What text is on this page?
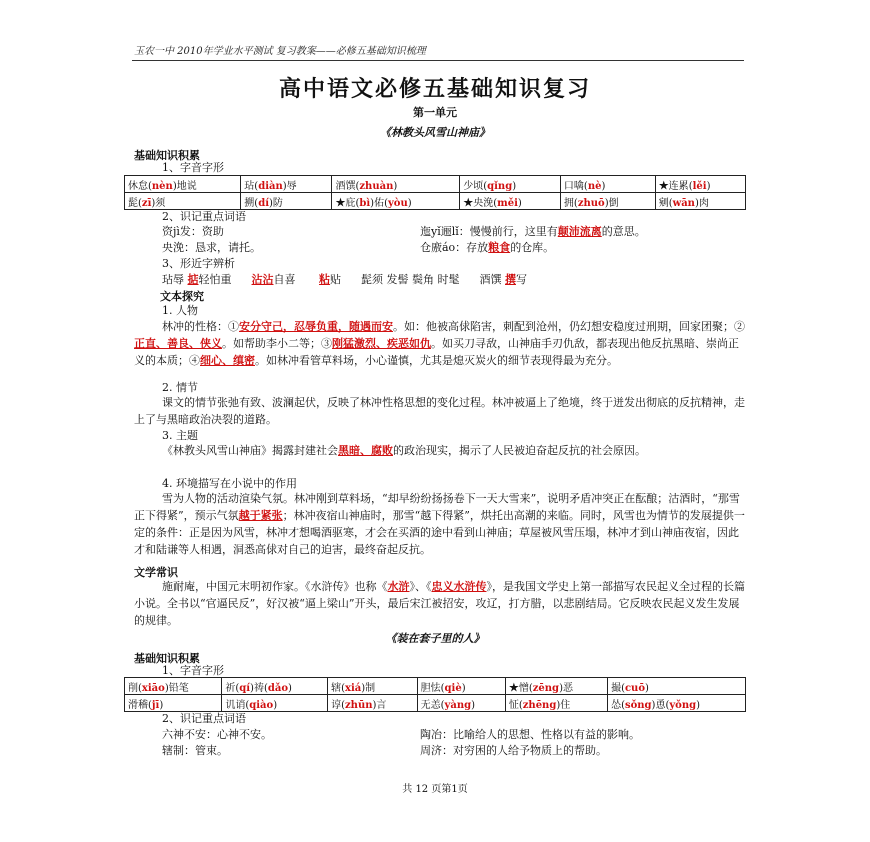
玉农一中 2010年学业水平测试 复习教案——必修五基础知识梳理
高中语文必修五基础知识复习
第一单元
《林教头风雪山神庙》
基础知识积累
1、字音字形
休怠(nèn)地说	玷(diàn)辱	酒馔(zhuàn)	少顷(qǐng)	口噙(nè)	★连累(lěi)
髭(zī)须	搠(dí)防	★庇(bì)佑(yòu)	★央浼(měi)	拥(zhuō)倒	剜(wān)肉
2、识记重点词语
资jì发：资助	迤yǐ逦lǐ：慢慢前行，这里有颠沛流离的意思。
央浼：恳求，请托。	仓廒áo：存放粮食的仓库。
3、形近字辨析
玷辱 掂轻怕重 沾沾自喜 粘贴 髭须 发髻 鬓角 时髦 酒馔 撰写
文本探究
1. 人物
林冲的性格：①安分守己，忍辱负重，随遇而安。如：他被高俅陷害，刺配到沧州，仍幻想安稳度过刑期，回家团聚；②正直、善良、侠义。如帮助李小二等；③刚猛激烈、疾恶如仇。如买刀寻敌，山神庙手刃仇敌，都表现出他反抗黑暗、崇尚正义的本质；④细心、缜密。如林冲看管草料场，小心谨慎，尤其是熄灭炭火的细节表现得最为充分。
2. 情节
课文的情节张弛有致、波澜起伏，反映了林冲性格思想的变化过程。林冲被逼上了绝境，终于迸发出彻底的反抗精神，走上了与黑暗政治决裂的道路。
3. 主题
《林教头风雪山神庙》揭露封建社会黑暗、腐败的政治现实，揭示了人民被迫奋起反抗的社会原因。
4. 环境描写在小说中的作用
雪为人物的活动渲染气氛。林冲刚到草料场，“却早纷纷扬扬卷下一天大雪来”，说明矛盾冲突正在酝酿；沽酒时，“那雪正下得紧”，预示气氛越于紧张；林冲夜宿山神庙时，那雪“越下得紧”，烘托出高潮的来临。同时，风雪也为情节的发展提供一定的条件：正是因为风雪，林冲才想喝酒驱寒，才会在买酒的途中看到山神庙；草屋被风雪压塌，林冲才到山神庙夜宿，因此才和陆谦等人相遇，洞悉高俅对自己的迫害，最终奋起反抗。
文学常识
施耐庵，中国元末明初作家。《水浒传》也称《水浒》、《忠义水浒传》，是我国文学史上第一部描写农民起义全过程的长篇小说。全书以“官逼民反”，好汉被“逼上梁山”开头，最后宋江被招安，攻辽，打方腊，以悲剧结局。它反映农民起义发生发展的规律。
《装在套子里的人》
基础知识积累
1、字音字形
削(xiāo)铅笔	祈(qí)祷(dǎo)	辖(xiá)制	胆怯(qiè)	★憎(zēng)恶	撮(cuō)
滑稽(jī)	讥诮(qiào)	谆(zhūn)言	无恙(yàng)	怔(zhēng)住	怂(sǒng)恿(yǒng)
2、识记重点词语
六神不安：心神不安。	陶冶：比喻给人的思想、性格以有益的影响。
辖制：管束。	周济：对穷困的人给予物质上的帮助。
共 12 页第1页
